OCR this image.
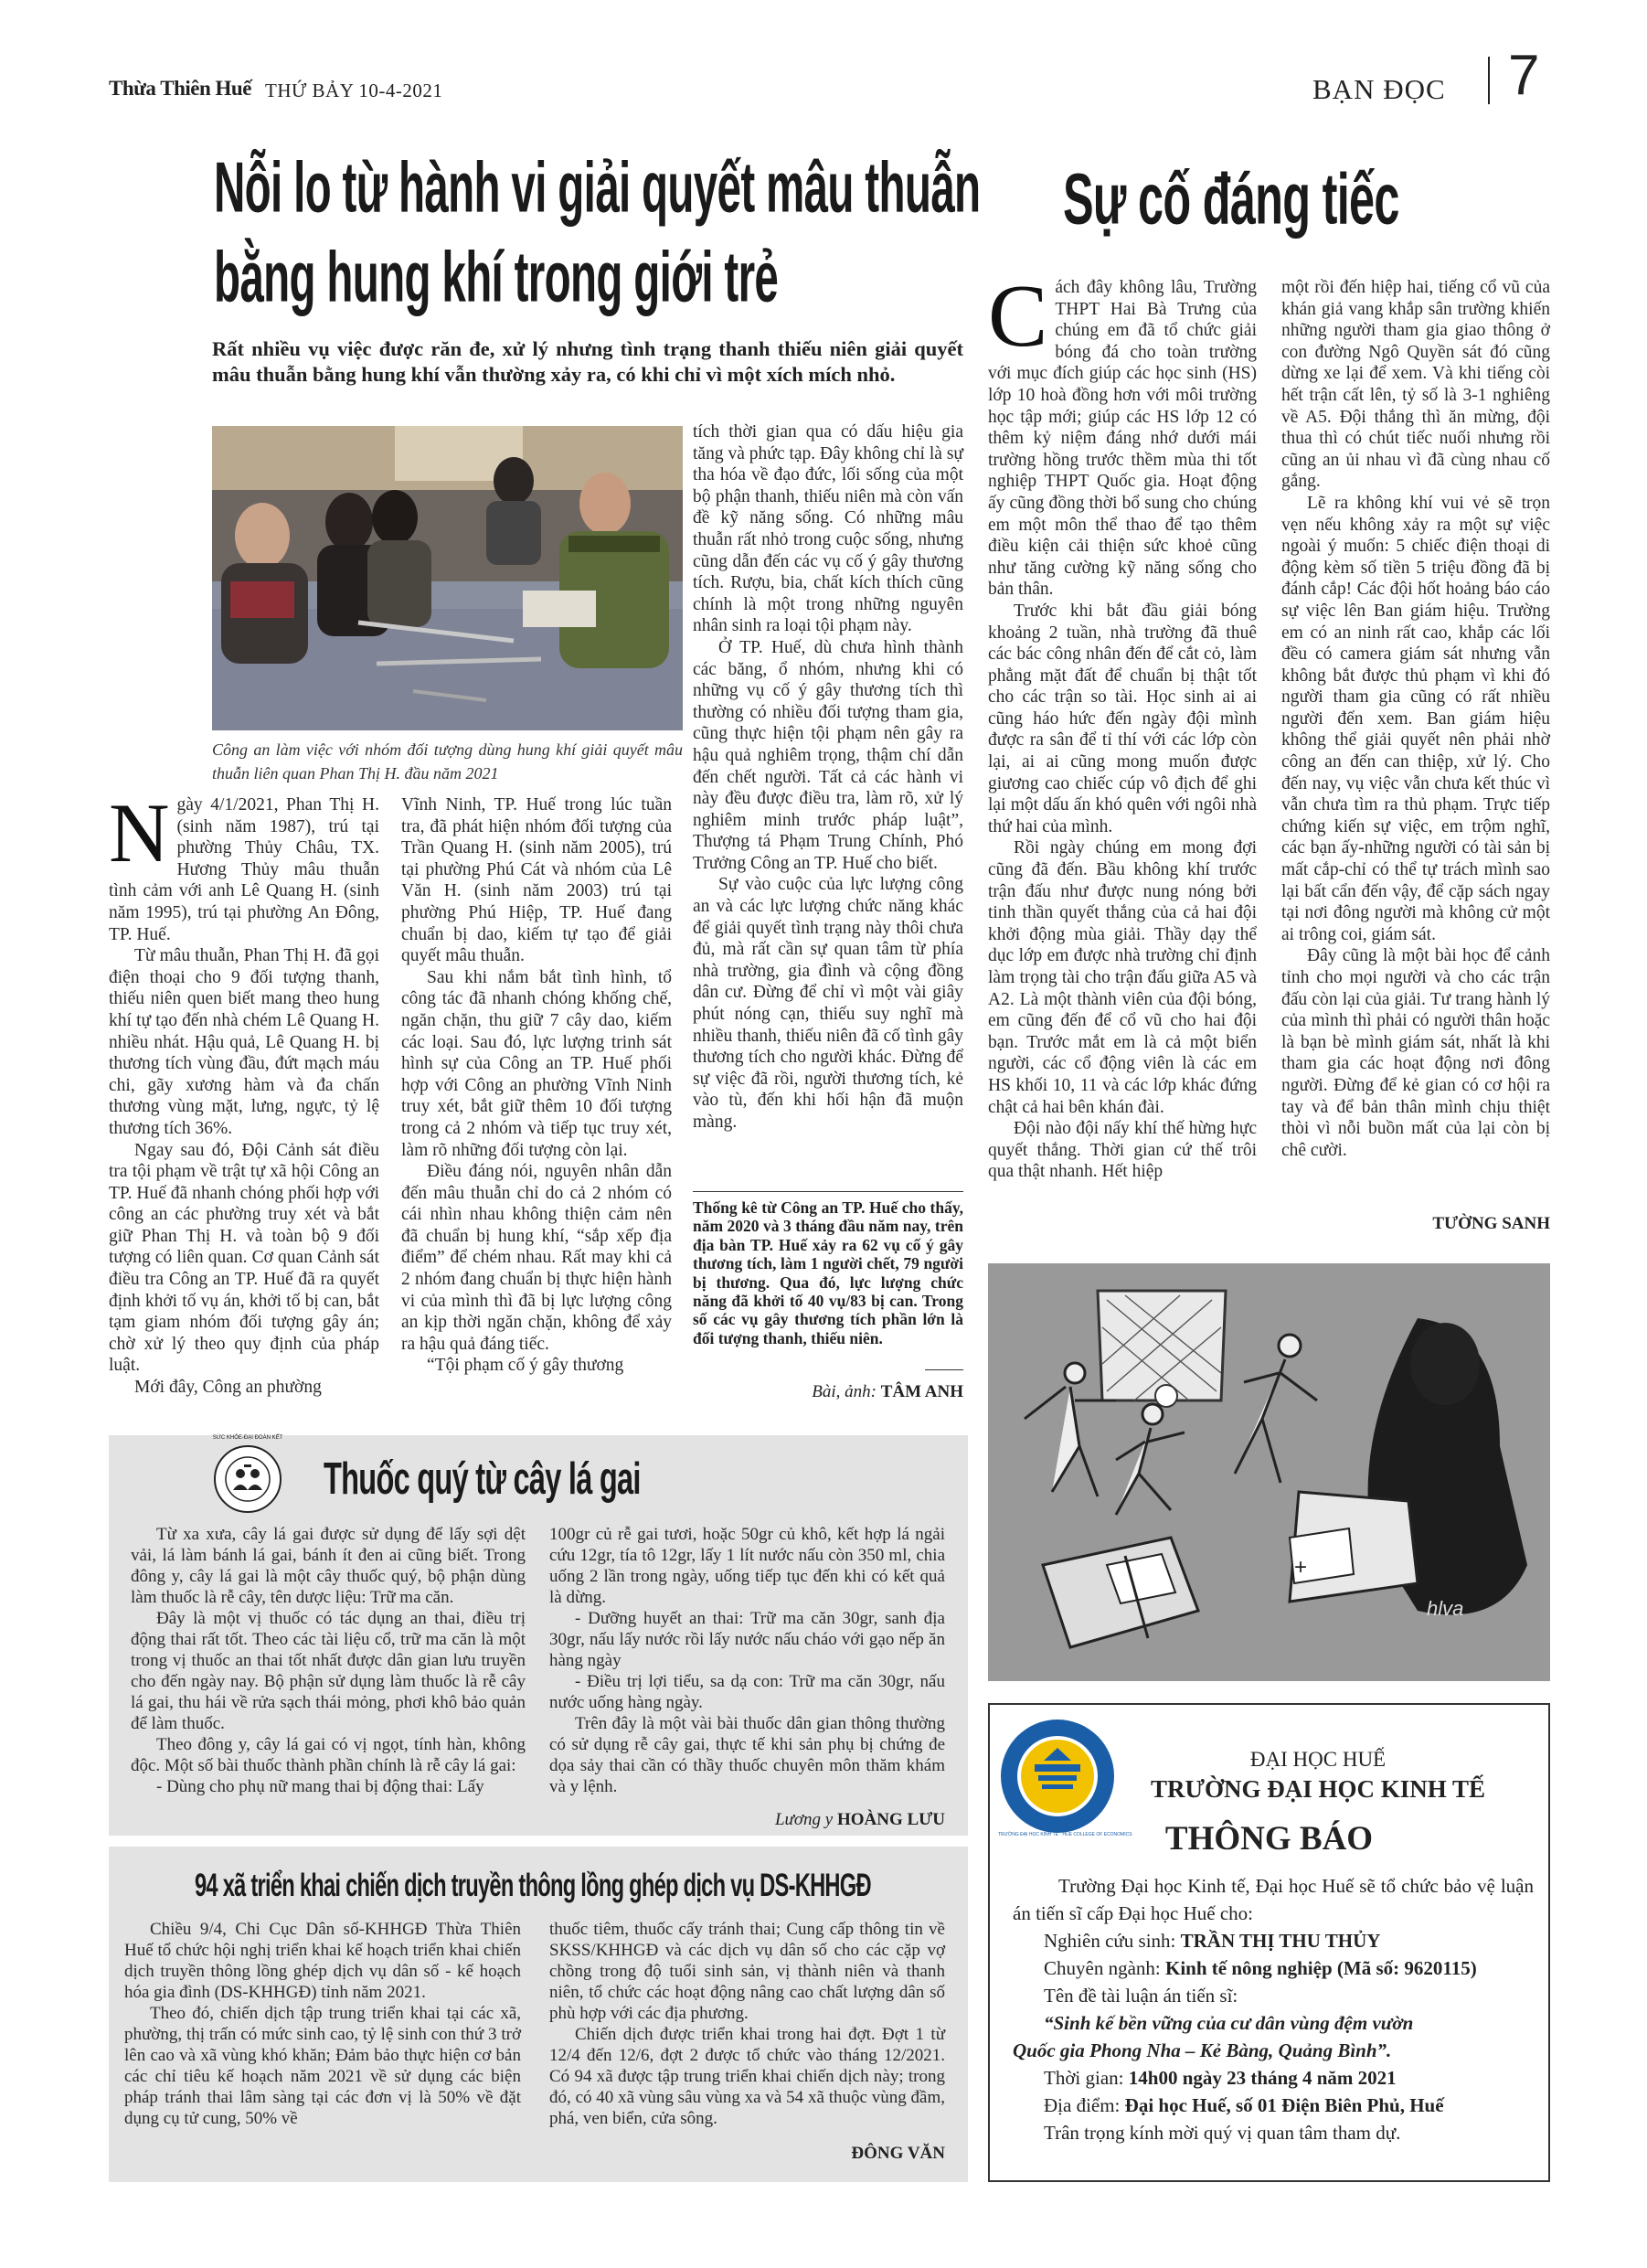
Thừa Thiên Huế THỨ BẢY 10-4-2021	BẠN ĐỌC 7
Nỗi lo từ hành vi giải quyết mâu thuẫn
bằng hung khí trong giới trẻ
Rất nhiều vụ việc được răn đe, xử lý nhưng tình trạng thanh thiếu niên giải quyết mâu thuẫn bằng hung khí vẫn thường xảy ra, có khi chỉ vì một xích mích nhỏ.
Công an làm việc với nhóm đối tượng dùng hung khí giải quyết mâu thuẫn liên quan Phan Thị H. đầu năm 2021

tích thời gian qua có dấu hiệu gia tăng và phức tạp. Đây không chỉ là sự tha hóa về đạo đức, lối sống của một bộ phận thanh, thiếu niên mà còn vấn đề kỹ năng sống. Có những mâu thuẫn rất nhỏ trong cuộc sống, nhưng cũng dẫn đến các vụ cố ý gây thương tích. Rượu, bia, chất kích thích cũng chính là một trong những nguyên nhân sinh ra loại tội phạm này.

Ở TP. Huế, dù chưa hình thành các băng, ổ nhóm, nhưng khi có những vụ cố ý gây thương tích thì thường có nhiều đối tượng tham gia, cũng thực hiện tội phạm nên gây ra hậu quả nghiêm trọng, thậm chí dẫn đến chết người. Tất cả các hành vi này đều được điều tra, làm rõ, xử lý nghiêm minh trước pháp luật”, Thượng tá Phạm Trung Chính, Phó Trưởng Công an TP. Huế cho biết.

Sự vào cuộc của lực lượng công an và các lực lượng chức năng khác để giải quyết tình trạng này thôi chưa đủ, mà rất cần sự quan tâm từ phía nhà trường, gia đình và cộng đồng dân cư. Đừng để chỉ vì một vài giây phút nóng cạn, thiếu suy nghĩ mà nhiều thanh, thiếu niên đã cố tình gây thương tích cho người khác. Đừng để sự việc đã rồi, người thương tích, kẻ vào tù, đến khi hối hận đã muộn màng.

Thống kê từ Công an TP. Huế cho thấy, năm 2020 và 3 tháng đầu năm nay, trên địa bàn TP. Huế xảy ra 62 vụ cố ý gây thương tích, làm 1 người chết, 79 người bị thương. Qua đó, lực lượng chức năng đã khởi tố 40 vụ/83 bị can. Trong số các vụ gây thương tích phần lớn là đối tượng thanh, thiếu niên.
Bài, ảnh: TÂM ANH

Ngày 4/1/2021, Phan Thị H. (sinh năm 1987), trú tại phường Thủy Châu, TX. Hương Thủy mâu thuẫn tình cảm với anh Lê Quang H. (sinh năm 1995), trú tại phường An Đông, TP. Huế.

Từ mâu thuẫn, Phan Thị H. đã gọi điện thoại cho 9 đối tượng thanh, thiếu niên quen biết mang theo hung khí tự tạo đến nhà chém Lê Quang H. nhiều nhát. Hậu quả, Lê Quang H. bị thương tích vùng đầu, đứt mạch máu chi, gãy xương hàm và đa chấn thương vùng mặt, lưng, ngực, tỷ lệ thương tích 36%.

Ngay sau đó, Đội Cảnh sát điều tra tội phạm về trật tự xã hội Công an TP. Huế đã nhanh chóng phối hợp với công an các phường truy xét và bắt giữ Phan Thị H. và toàn bộ 9 đối tượng có liên quan. Cơ quan Cảnh sát điều tra Công an TP. Huế đã ra quyết định khởi tố vụ án, khởi tố bị can, bắt tạm giam nhóm đối tượng gây án; chờ xử lý theo quy định của pháp luật.

Mới đây, Công an phường

Vĩnh Ninh, TP. Huế trong lúc tuần tra, đã phát hiện nhóm đối tượng của Trần Quang H. (sinh năm 2005), trú tại phường Phú Cát và nhóm của Lê Văn H. (sinh năm 2003) trú tại phường Phú Hiệp, TP. Huế đang chuẩn bị dao, kiếm tự tạo để giải quyết mâu thuẫn.

Sau khi nắm bắt tình hình, tổ công tác đã nhanh chóng khống chế, ngăn chặn, thu giữ 7 cây dao, kiếm các loại. Sau đó, lực lượng trinh sát hình sự của Công an TP. Huế phối hợp với Công an phường Vĩnh Ninh truy xét, bắt giữ thêm 10 đối tượng trong cả 2 nhóm và tiếp tục truy xét, làm rõ những đối tượng còn lại.

Điều đáng nói, nguyên nhân dẫn đến mâu thuẫn chỉ do cả 2 nhóm có cái nhìn nhau không thiện cảm nên đã chuẩn bị hung khí, “sắp xếp địa điểm” để chém nhau. Rất may khi cả 2 nhóm đang chuẩn bị thực hiện hành vi của mình thì đã bị lực lượng công an kịp thời ngăn chặn, không để xảy ra hậu quả đáng tiếc.

“Tội phạm cố ý gây thương

Sự cố đáng tiếc

Cách đây không lâu, Trường THPT Hai Bà Trưng của chúng em đã tổ chức giải bóng đá cho toàn trường với mục đích giúp các học sinh (HS) lớp 10 hoà đồng hơn với môi trường học tập mới; giúp các HS lớp 12 có thêm kỷ niệm đáng nhớ dưới mái trường hồng trước thềm mùa thi tốt nghiệp THPT Quốc gia. Hoạt động ấy cũng đồng thời bổ sung cho chúng em một môn thể thao để tạo thêm điều kiện cải thiện sức khoẻ cũng như tăng cường kỹ năng sống cho bản thân.

Trước khi bắt đầu giải bóng khoảng 2 tuần, nhà trường đã thuê các bác công nhân đến để cắt cỏ, làm phẳng mặt đất để chuẩn bị thật tốt cho các trận so tài. Học sinh ai ai cũng háo hức đến ngày đội mình được ra sân để tỉ thí với các lớp còn lại, ai ai cũng mong muốn được giương cao chiếc cúp vô địch để ghi lại một dấu ấn khó quên với ngôi nhà thứ hai của mình.

Rồi ngày chúng em mong đợi cũng đã đến. Bầu không khí trước trận đấu như được nung nóng bởi tinh thần quyết thắng của cả hai đội khởi động mùa giải. Thầy dạy thể dục lớp em được nhà trường chỉ định làm trọng tài cho trận đấu giữa A5 và A2. Là một thành viên của đội bóng, em cũng đến để cổ vũ cho hai đội bạn. Trước mắt em là cả một biển người, các cổ động viên là các em HS khối 10, 11 và các lớp khác đứng chật cả hai bên khán đài.

Đội nào đội nấy khí thế hừng hực quyết thắng. Thời gian cứ thế trôi qua thật nhanh. Hết hiệp

một rồi đến hiệp hai, tiếng cổ vũ của khán giả vang khắp sân trường khiến những người tham gia giao thông ở con đường Ngô Quyền sát đó cũng dừng xe lại để xem. Và khi tiếng còi hết trận cất lên, tỷ số là 3-1 nghiêng về A5. Đội thắng thì ăn mừng, đội thua thì có chút tiếc nuối nhưng rồi cũng an ủi nhau vì đã cùng nhau cố gắng.

Lẽ ra không khí vui vẻ sẽ trọn vẹn nếu không xảy ra một sự việc ngoài ý muốn: 5 chiếc điện thoại di động kèm số tiền 5 triệu đồng đã bị đánh cắp! Các đội hốt hoảng báo cáo sự việc lên Ban giám hiệu. Trường em có an ninh rất cao, khắp các lối đều có camera giám sát nhưng vẫn không bắt được thủ phạm vì khi đó người tham gia cũng có rất nhiều người đến xem. Ban giám hiệu không thể giải quyết nên phải nhờ công an đến can thiệp, xử lý. Cho đến nay, vụ việc vẫn chưa kết thúc vì vẫn chưa tìm ra thủ phạm. Trực tiếp chứng kiến sự việc, em trộm nghĩ, các bạn ấy-những người có tài sản bị mất cắp-chỉ có thể tự trách mình sao lại bất cẩn đến vậy, để cặp sách ngay tại nơi đông người mà không cử một ai trông coi, giám sát.

Đây cũng là một bài học để cảnh tỉnh cho mọi người và cho các trận đấu còn lại của giải. Tư trang hành lý của mình thì phải có người thân hoặc là bạn bè mình giám sát, nhất là khi tham gia các hoạt động nơi đông người. Đừng để kẻ gian có cơ hội ra tay và để bản thân mình chịu thiệt thòi vì nỗi buồn mất của lại còn bị chê cười.

TƯỜNG SANH
+
hlva
SỨC KHỎE-ĐẠI ĐOÀN KẾT
Thuốc quý từ cây lá gai

Từ xa xưa, cây lá gai được sử dụng để lấy sợi dệt vải, lá làm bánh lá gai, bánh ít đen ai cũng biết. Trong đông y, cây lá gai là một cây thuốc quý, bộ phận dùng làm thuốc là rễ cây, tên dược liệu: Trữ ma căn.

Đây là một vị thuốc có tác dụng an thai, điều trị động thai rất tốt. Theo các tài liệu cổ, trữ ma căn là một trong vị thuốc an thai tốt nhất được dân gian lưu truyền cho đến ngày nay. Bộ phận sử dụng làm thuốc là rễ cây lá gai, thu hái về rửa sạch thái mỏng, phơi khô bảo quản để làm thuốc.

Theo đông y, cây lá gai có vị ngọt, tính hàn, không độc. Một số bài thuốc thành phần chính là rễ cây lá gai:

- Dùng cho phụ nữ mang thai bị động thai: Lấy

100gr củ rễ gai tươi, hoặc 50gr củ khô, kết hợp lá ngải cứu 12gr, tía tô 12gr, lấy 1 lít nước nấu còn 350 ml, chia uống 2 lần trong ngày, uống tiếp tục đến khi có kết quả là dừng.

- Dưỡng huyết an thai: Trữ ma căn 30gr, sanh địa 30gr, nấu lấy nước rồi lấy nước nấu cháo với gạo nếp ăn hàng ngày

- Điều trị lợi tiểu, sa dạ con: Trữ ma căn 30gr, nấu nước uống hàng ngày.

Trên đây là một vài bài thuốc dân gian thông thường có sử dụng rễ cây gai, thực tế khi sản phụ bị chứng đe dọa sảy thai cần có thầy thuốc chuyên môn thăm khám và y lệnh.

Lương y HOÀNG LƯU
94 xã triển khai chiến dịch truyền thông lồng ghép dịch vụ DS-KHHGĐ

Chiều 9/4, Chi Cục Dân số-KHHGĐ Thừa Thiên Huế tổ chức hội nghị triển khai kế hoạch triển khai chiến dịch truyền thông lồng ghép dịch vụ dân số - kế hoạch hóa gia đình (DS-KHHGĐ) tỉnh năm 2021.

Theo đó, chiến dịch tập trung triển khai tại các xã, phường, thị trấn có mức sinh cao, tỷ lệ sinh con thứ 3 trở lên cao và xã vùng khó khăn; Đảm bảo thực hiện cơ bản các chỉ tiêu kế hoạch năm 2021 về sử dụng các biện pháp tránh thai lâm sàng tại các đơn vị là 50% về đặt dụng cụ tử cung, 50% về

thuốc tiêm, thuốc cấy tránh thai; Cung cấp thông tin về SKSS/KHHGĐ và các dịch vụ dân số cho các cặp vợ chồng trong độ tuổi sinh sản, vị thành niên và thanh niên, tổ chức các hoạt động nâng cao chất lượng dân số phù hợp với các địa phương.

Chiến dịch được triển khai trong hai đợt. Đợt 1 từ 12/4 đến 12/6, đợt 2 được tổ chức vào tháng 12/2021. Có 94 xã được tập trung triển khai chiến dịch này; trong đó, có 40 xã vùng sâu vùng xa và 54 xã thuộc vùng đầm, phá, ven biển, cửa sông.

ĐÔNG VĂN
TRƯỜNG ĐẠI HỌC KINH TẾ · HUE COLLEGE OF ECONOMICS
ĐẠI HỌC HUẾ
TRƯỜNG ĐẠI HỌC KINH TẾ
THÔNG BÁO
Trường Đại học Kinh tế, Đại học Huế sẽ tổ chức bảo vệ luận án tiến sĩ cấp Đại học Huế cho:
Nghiên cứu sinh: TRẦN THỊ THU THỦY
Chuyên ngành: Kinh tế nông nghiệp (Mã số: 9620115)
Tên đề tài luận án tiến sĩ:
“Sinh kế bền vững của cư dân vùng đệm vườn
Quốc gia Phong Nha – Kẻ Bàng, Quảng Bình”.
Thời gian: 14h00 ngày 23 tháng 4 năm 2021
Địa điểm: Đại học Huế, số 01 Điện Biên Phủ, Huế
Trân trọng kính mời quý vị quan tâm tham dự.
